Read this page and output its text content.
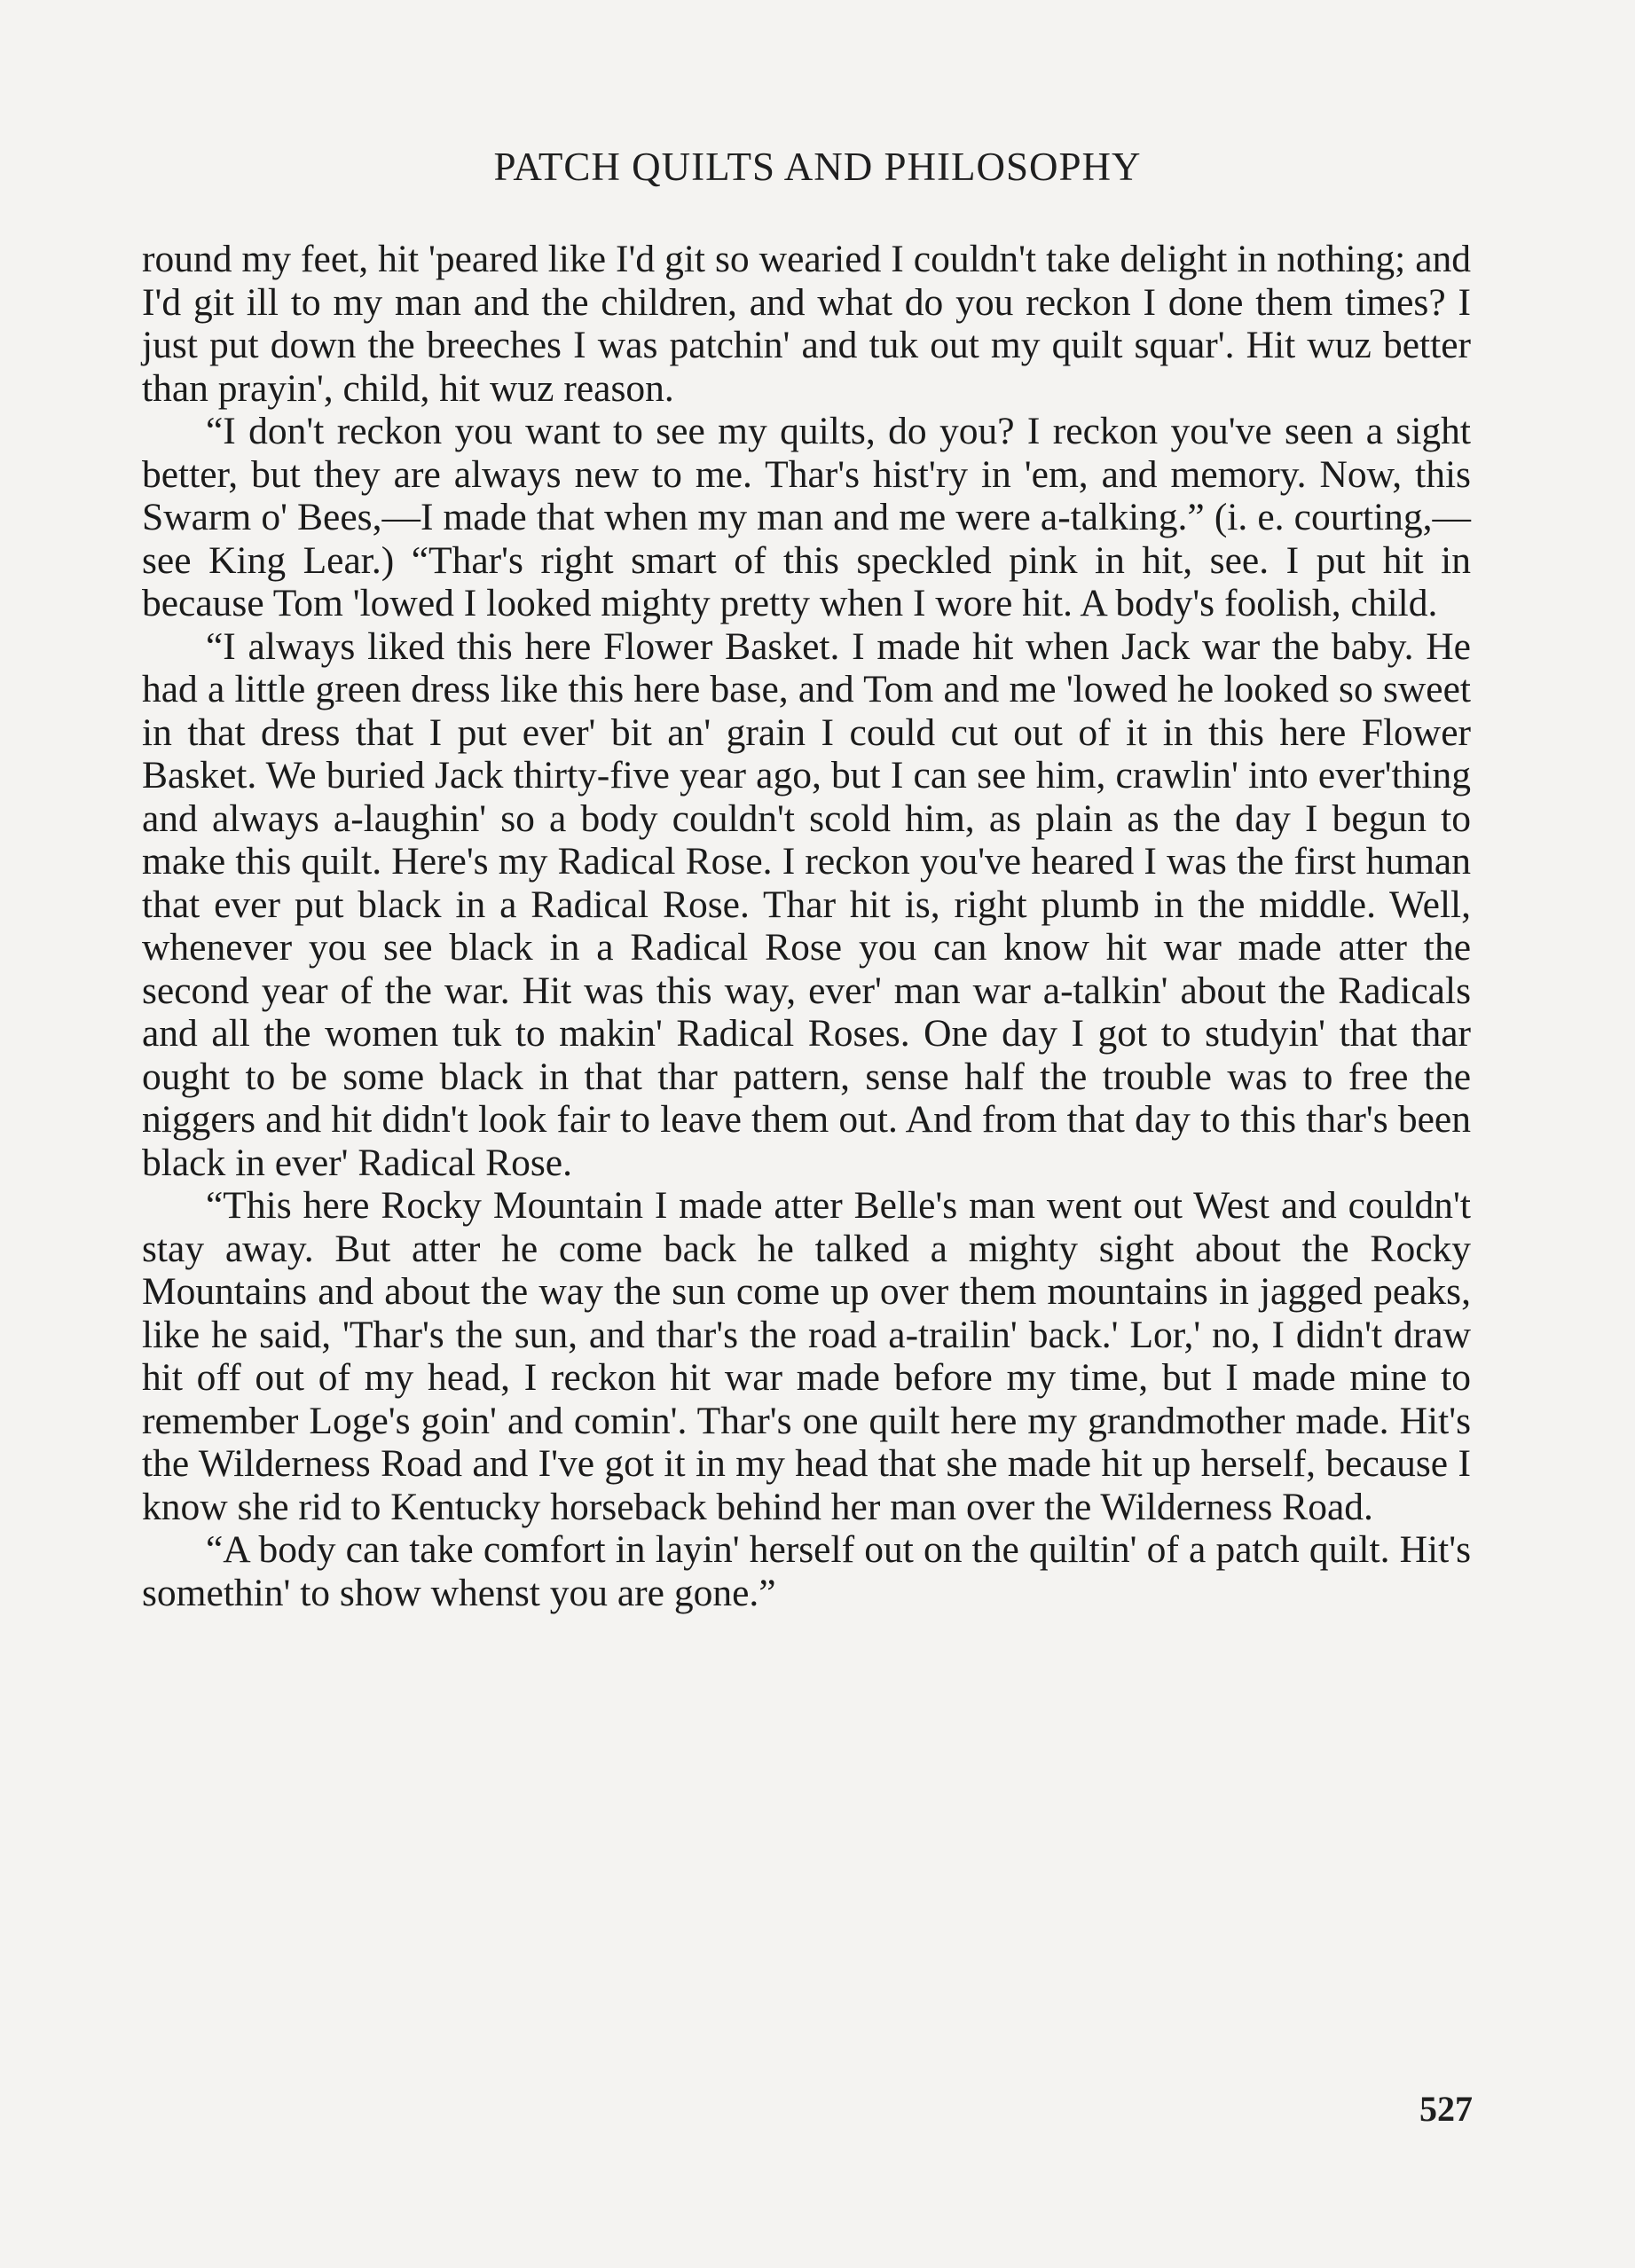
PATCH QUILTS AND PHILOSOPHY

round my feet, hit 'peared like I'd git so wearied I couldn't take delight in nothing; and I'd git ill to my man and the children, and what do you reckon I done them times? I just put down the breeches I was patchin' and tuk out my quilt squar'. Hit wuz better than prayin', child, hit wuz reason.

“I don't reckon you want to see my quilts, do you? I reckon you've seen a sight better, but they are always new to me. Thar's hist'ry in 'em, and memory. Now, this Swarm o' Bees,—I made that when my man and me were a-talking.” (i. e. courting,—see King Lear.) “Thar's right smart of this speckled pink in hit, see. I put hit in because Tom 'lowed I looked mighty pretty when I wore hit. A body's foolish, child.

“I always liked this here Flower Basket. I made hit when Jack war the baby. He had a little green dress like this here base, and Tom and me 'lowed he looked so sweet in that dress that I put ever' bit an' grain I could cut out of it in this here Flower Basket. We buried Jack thirty-five year ago, but I can see him, crawlin' into ever'thing and always a-laughin' so a body couldn't scold him, as plain as the day I begun to make this quilt. Here's my Radical Rose. I reckon you've heared I was the first human that ever put black in a Radical Rose. Thar hit is, right plumb in the middle. Well, whenever you see black in a Radical Rose you can know hit war made atter the second year of the war. Hit was this way, ever' man war a-talkin' about the Radicals and all the women tuk to makin' Radical Roses. One day I got to studyin' that thar ought to be some black in that thar pattern, sense half the trouble was to free the niggers and hit didn't look fair to leave them out. And from that day to this thar's been black in ever' Radical Rose.

“This here Rocky Mountain I made atter Belle's man went out West and couldn't stay away. But atter he come back he talked a mighty sight about the Rocky Mountains and about the way the sun come up over them mountains in jagged peaks, like he said, 'Thar's the sun, and thar's the road a-trailin' back.' Lor,' no, I didn't draw hit off out of my head, I reckon hit war made before my time, but I made mine to remember Loge's goin' and comin'. Thar's one quilt here my grandmother made. Hit's the Wilderness Road and I've got it in my head that she made hit up herself, because I know she rid to Kentucky horseback behind her man over the Wilderness Road.

“A body can take comfort in layin' herself out on the quiltin' of a patch quilt. Hit's somethin' to show whenst you are gone.”

527
